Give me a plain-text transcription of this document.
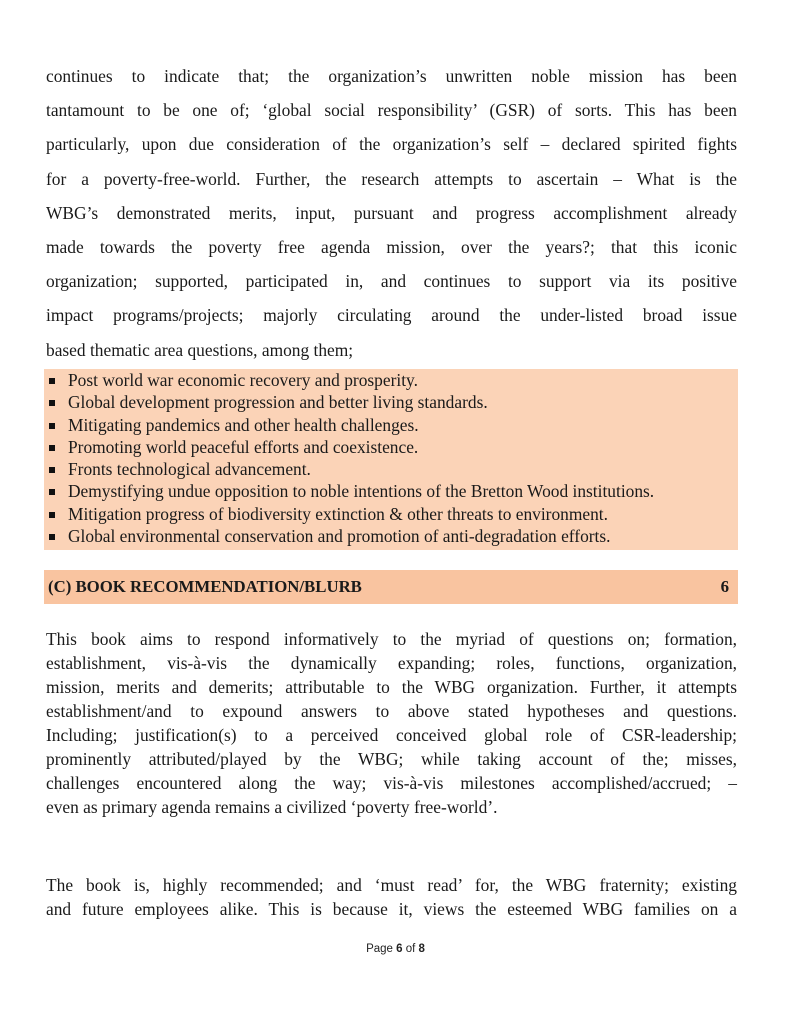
continues to indicate that; the organization’s unwritten noble mission has been
tantamount to be one of; ‘global social responsibility’ (GSR) of sorts. This has been
particularly, upon due consideration of the organization’s self – declared spirited fights
for a poverty-free-world. Further, the research attempts to ascertain – What is the
WBG’s demonstrated merits, input, pursuant and progress accomplishment already
made towards the poverty free agenda mission, over the years?; that this iconic
organization; supported, participated in, and continues to support via its positive
impact programs/projects; majorly circulating around the under-listed broad issue
based thematic area questions, among them;
Post world war economic recovery and prosperity.
Global development progression and better living standards.
Mitigating pandemics and other health challenges.
Promoting world peaceful efforts and coexistence.
Fronts technological advancement.
Demystifying undue opposition to noble intentions of the Bretton Wood institutions.
Mitigation progress of biodiversity extinction & other threats to environment.
Global environmental conservation and promotion of anti-degradation efforts.
(C) BOOK RECOMMENDATION/BLURB	6
This book aims to respond informatively to the myriad of questions on; formation,
establishment, vis-à-vis the dynamically expanding; roles, functions, organization,
mission, merits and demerits; attributable to the WBG organization. Further, it attempts
establishment/and to expound answers to above stated hypotheses and questions.
Including; justification(s) to a perceived conceived global role of CSR-leadership;
prominently attributed/played by the WBG; while taking account of the; misses,
challenges encountered along the way; vis-à-vis milestones accomplished/accrued; –
even as primary agenda remains a civilized ‘poverty free-world’.
The book is, highly recommended; and ‘must read’ for, the WBG fraternity; existing
and future employees alike. This is because it, views the esteemed WBG families on a
Page 6 of 8
